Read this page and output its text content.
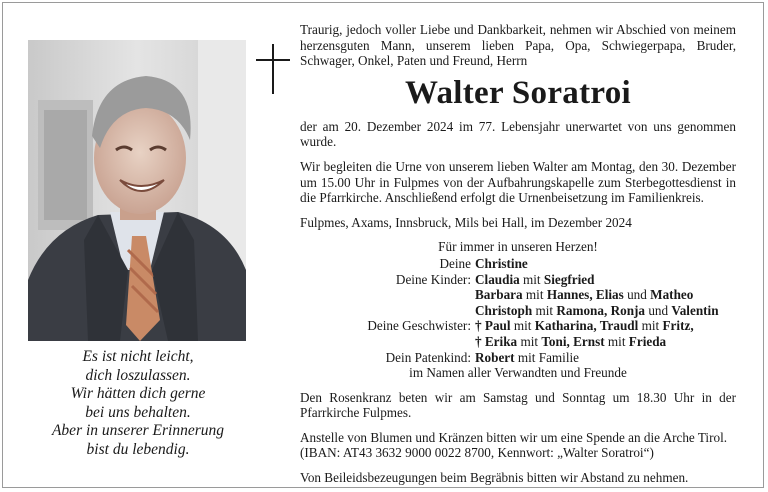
Es ist nicht leicht,
dich loszulassen.
Wir hätten dich gerne
bei uns behalten.
Aber in unserer Erinnerung
bist du lebendig.

Traurig, jedoch voller Liebe und Dankbarkeit, nehmen wir Abschied von meinem herzensguten Mann, unserem lieben Papa, Opa, Schwiegerpapa, Bruder, Schwager, Onkel, Paten und Freund, Herrn

Walter Soratroi

der am 20. Dezember 2024 im 77. Lebensjahr unerwartet von uns genommen wurde.

Wir begleiten die Urne von unserem lieben Walter am Montag, den 30. Dezember um 15.00 Uhr in Fulpmes von der Aufbahrungskapelle zum Sterbegottesdienst in die Pfarrkirche. Anschließend erfolgt die Urnenbeisetzung im Familienkreis.

Fulpmes, Axams, Innsbruck, Mils bei Hall, im Dezember 2024

Für immer in unseren Herzen!

Deine Christine
Deine Kinder: Claudia mit Siegfried
Barbara mit Hannes, Elias und Matheo
Christoph mit Ramona, Ronja und Valentin
Deine Geschwister: † Paul mit Katharina, Traudl mit Fritz,
† Erika mit Toni, Ernst mit Frieda
Dein Patenkind: Robert mit Familie

im Namen aller Verwandten und Freunde

Den Rosenkranz beten wir am Samstag und Sonntag um 18.30 Uhr in der Pfarrkirche Fulpmes.

Anstelle von Blumen und Kränzen bitten wir um eine Spende an die Arche Tirol.

(IBAN: AT43 3632 9000 0022 8700, Kennwort: „Walter Soratroi“)

Von Beileidsbezeugungen beim Begräbnis bitten wir Abstand zu nehmen.
